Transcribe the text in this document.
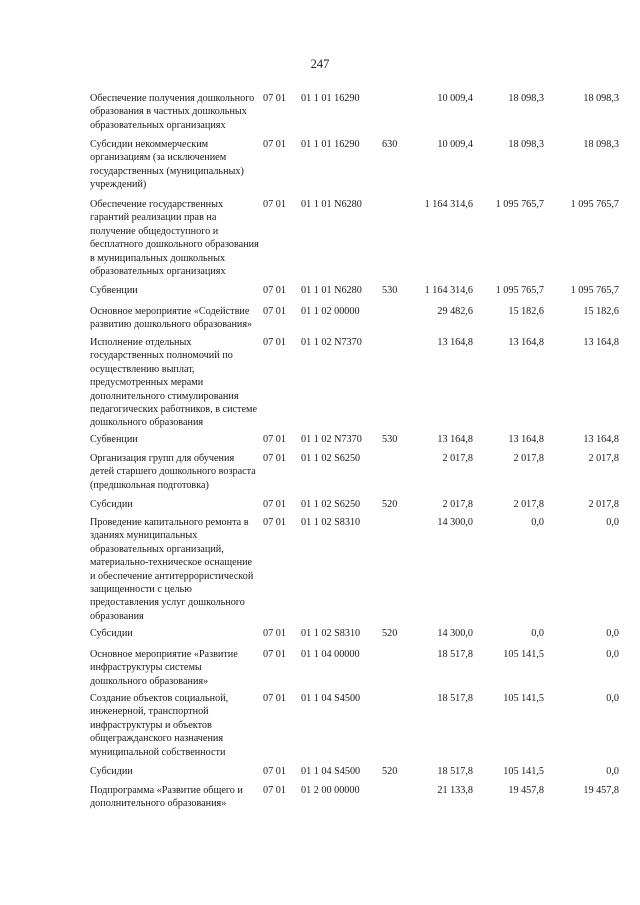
247
Обеспечение получения дошкольного
образования в частных дошкольных
образовательных организациях
07 01	01 1 01 16290	10 009,4	18 098,3	18 098,3
Субсидии некоммерческим
организациям (за исключением
государственных (муниципальных)
учреждений)
07 01	01 1 01 16290	630	10 009,4	18 098,3	18 098,3
Обеспечение государственных
гарантий реализации прав на
получение общедоступного и
бесплатного дошкольного образования
в муниципальных дошкольных
образовательных организациях
07 01	01 1 01 N6280	1 164 314,6	1 095 765,7	1 095 765,7
Субвенции	07 01	01 1 01 N6280	530	1 164 314,6	1 095 765,7	1 095 765,7
Основное мероприятие «Содействие
развитию дошкольного образования»
07 01	01 1 02 00000	29 482,6	15 182,6	15 182,6
Исполнение отдельных
государственных полномочий по
осуществлению выплат,
предусмотренных мерами
дополнительного стимулирования
педагогических работников, в системе
дошкольного образования
07 01	01 1 02 N7370	13 164,8	13 164,8	13 164,8
Субвенции	07 01	01 1 02 N7370	530	13 164,8	13 164,8	13 164,8
Организация групп для обучения
детей старшего дошкольного возраста
(предшкольная подготовка)
07 01	01 1 02 S6250	2 017,8	2 017,8	2 017,8
Субсидии	07 01	01 1 02 S6250	520	2 017,8	2 017,8	2 017,8
Проведение капитального ремонта в
зданиях муниципальных
образовательных организаций,
материально-техническое оснащение
и обеспечение антитеррористической
защищенности с целью
предоставления услуг дошкольного
образования
07 01	01 1 02 S8310	14 300,0	0,0	0,0
Субсидии	07 01	01 1 02 S8310	520	14 300,0	0,0	0,0
Основное мероприятие «Развитие
инфраструктуры системы
дошкольного образования»
07 01	01 1 04 00000	18 517,8	105 141,5	0,0
Создание объектов социальной,
инженерной, транспортной
инфраструктуры и объектов
общегражданского назначения
муниципальной собственности
07 01	01 1 04 S4500	18 517,8	105 141,5	0,0
Субсидии	07 01	01 1 04 S4500	520	18 517,8	105 141,5	0,0
Подпрограмма «Развитие общего и
дополнительного образования»
07 01	01 2 00 00000	21 133,8	19 457,8	19 457,8
